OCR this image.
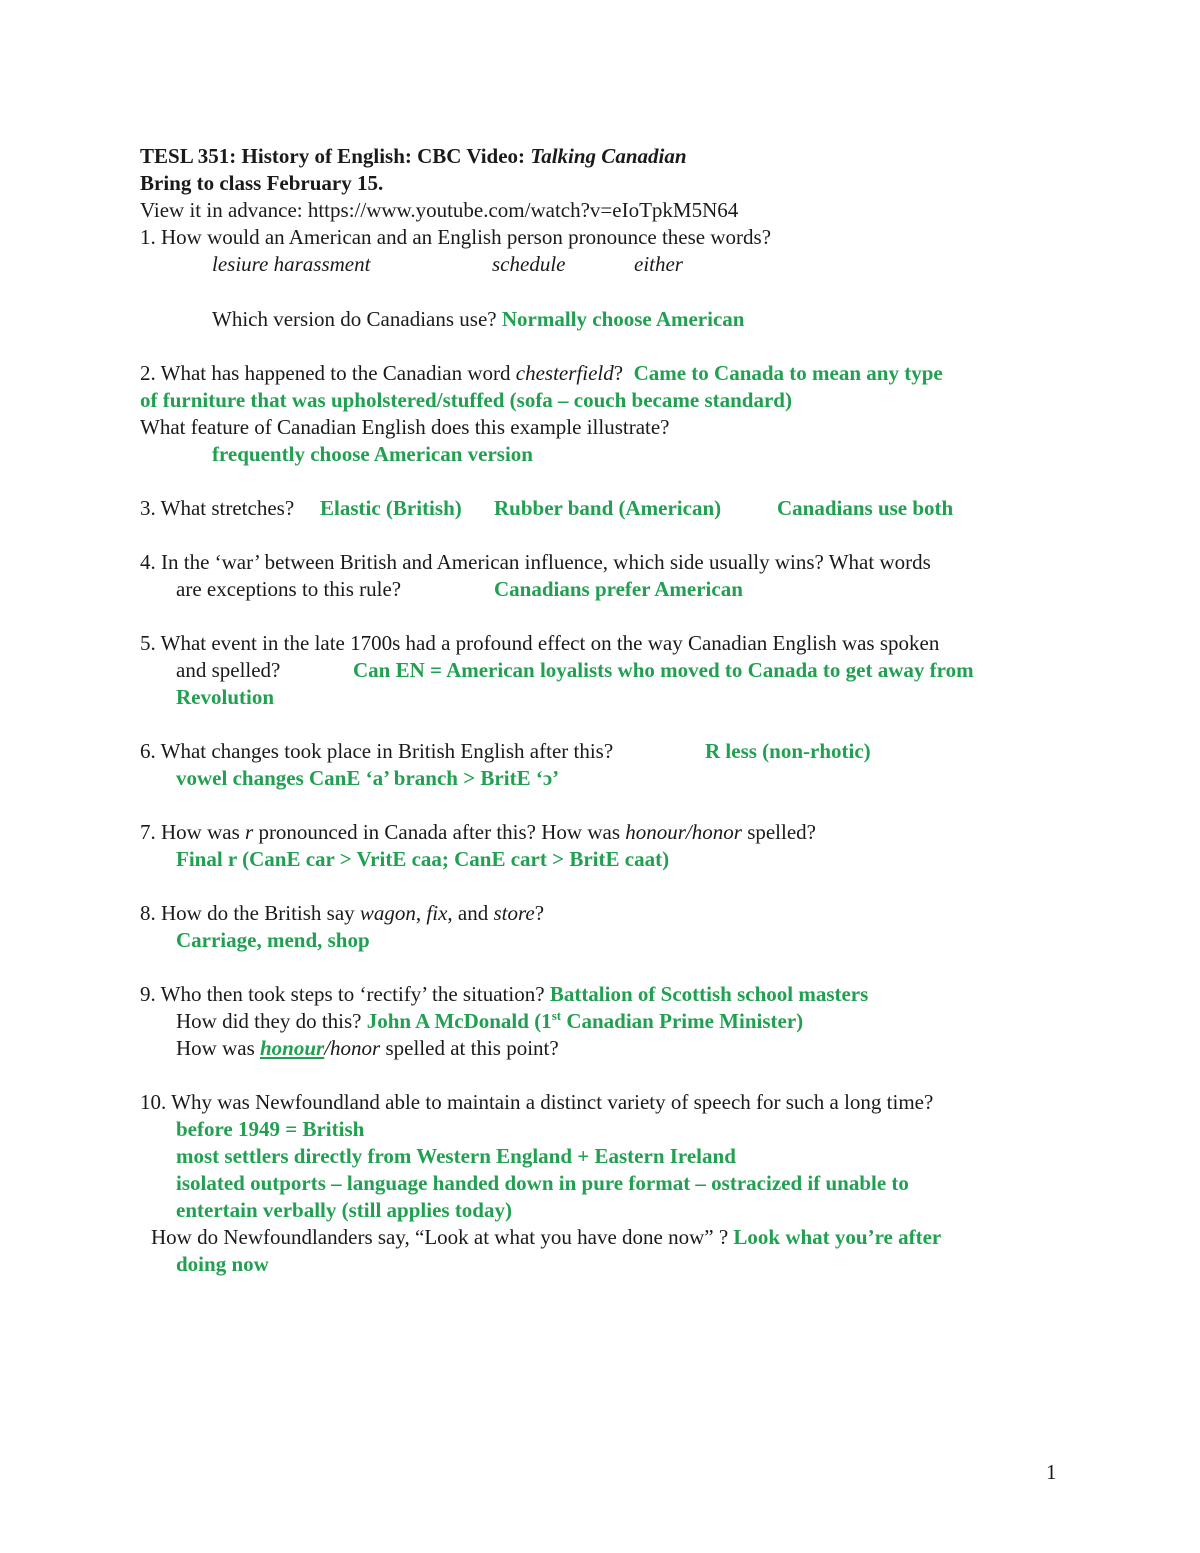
TESL 351: History of English: CBC Video: Talking Canadian

Bring to class February 15.

View it in advance: https://www.youtube.com/watch?v=eIoTpkM5N64

1. How would an American and an English person pronounce these words?

lesiure harassment	schedule	either

Which version do Canadians use? Normally choose American

2. What has happened to the Canadian word chesterfield? Came to Canada to mean any type

of furniture that was upholstered/stuffed (sofa – couch became standard)

What feature of Canadian English does this example illustrate?

frequently choose American version

3. What stretches? Elastic (British) Rubber band (American)	Canadians use both

4. In the ‘war’ between British and American influence, which side usually wins? What words

are exceptions to this rule?	Canadians prefer American

5. What event in the late 1700s had a profound effect on the way Canadian English was spoken

and spelled?	Can EN = American loyalists who moved to Canada to get away from

Revolution

6. What changes took place in British English after this?	R less (non-rhotic)

vowel changes CanE ‘a’ branch > BritE ‘ɔ’

7. How was r pronounced in Canada after this? How was honour/honor spelled?

Final r (CanE car > VritE caa; CanE cart > BritE caat)

8. How do the British say wagon, fix, and store?

Carriage, mend, shop

9. Who then took steps to ‘rectify’ the situation? Battalion of Scottish school masters

How did they do this? John A McDonald (1st Canadian Prime Minister)

How was honour/honor spelled at this point?

10. Why was Newfoundland able to maintain a distinct variety of speech for such a long time?

before 1949 = British

most settlers directly from Western England + Eastern Ireland

isolated outports – language handed down in pure format – ostracized if unable to

entertain verbally (still applies today)

How do Newfoundlanders say, “Look at what you have done now” ? Look what you’re after

doing now

1
